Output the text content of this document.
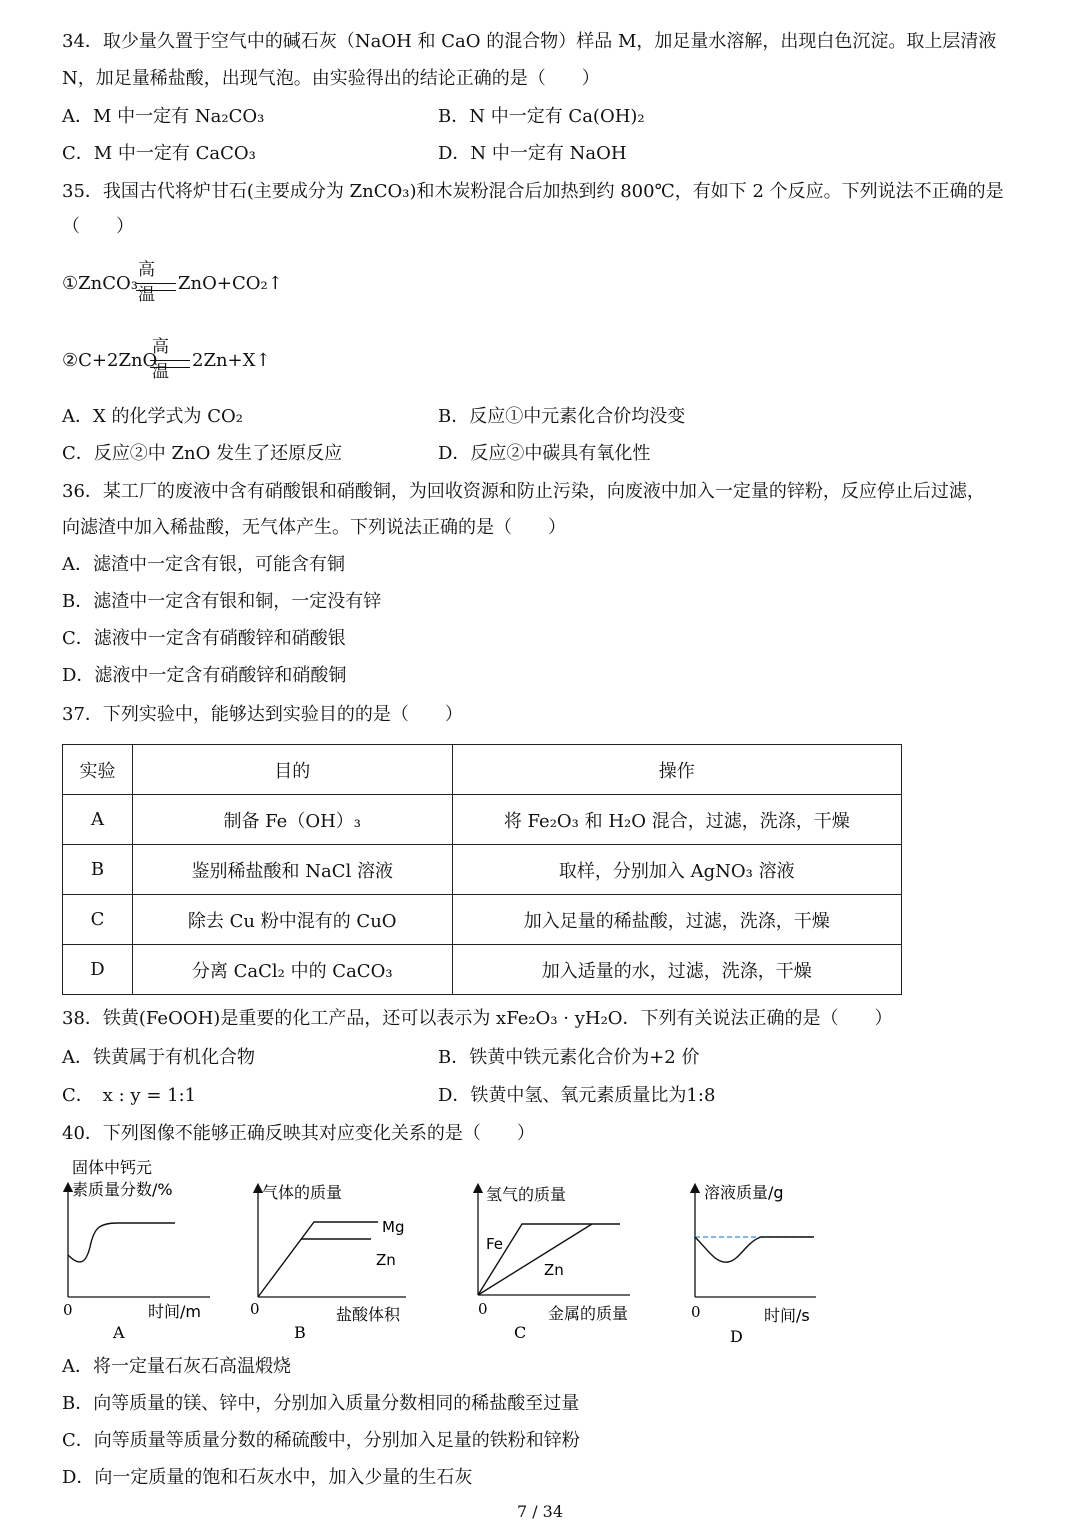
34．取少量久置于空气中的碱石灰（NaOH 和 CaO 的混合物）样品 M，加足量水溶解，出现白色沉淀。取上层清液
N，加足量稀盐酸，出现气泡。由实验得出的结论正确的是（　　）
A．M 中一定有 Na₂CO₃	B．N 中一定有 Ca(OH)₂
C．M 中一定有 CaCO₃	D．N 中一定有 NaOH
35．我国古代将炉甘石(主要成分为 ZnCO₃)和木炭粉混合后加热到约 800℃，有如下 2 个反应。下列说法不正确的是
（　　）
①ZnCO₃
高温
ZnO+CO₂↑
②C+2ZnO
高温
2Zn+X↑
A．X 的化学式为 CO₂	B．反应①中元素化合价均没变
C．反应②中 ZnO 发生了还原反应	D．反应②中碳具有氧化性
36．某工厂的废液中含有硝酸银和硝酸铜，为回收资源和防止污染，向废液中加入一定量的锌粉，反应停止后过滤，
向滤渣中加入稀盐酸，无气体产生。下列说法正确的是（　　）
A．滤渣中一定含有银，可能含有铜
B．滤渣中一定含有银和铜，一定没有锌
C．滤液中一定含有硝酸锌和硝酸银
D．滤液中一定含有硝酸锌和硝酸铜
37．下列实验中，能够达到实验目的的是（　　）
实验	目的	操作
A	制备 Fe（OH）₃	将 Fe₂O₃ 和 H₂O 混合，过滤，洗涤，干燥
B	鉴别稀盐酸和 NaCl 溶液	取样，分别加入 AgNO₃ 溶液
C	除去 Cu 粉中混有的 CuO	加入足量的稀盐酸，过滤，洗涤，干燥
D	分离 CaCl₂ 中的 CaCO₃	加入适量的水，过滤，洗涤，干燥
38．铁黄(FeOOH)是重要的化工产品，还可以表示为 xFe₂O₃ · yH₂O．下列有关说法正确的是（　　）
A．铁黄属于有机化合物	B．铁黄中铁元素化合价为+2 价
C．　x : y = 1:1	D．铁黄中氢、氧元素质量比为1:8
40．下列图像不能够正确反映其对应变化关系的是（　　）
固体中钙元
素质量分数/%
0	时间/m
A
气体的质量
Mg
Zn
0	盐酸体积
B
氢气的质量
Fe
Zn
0	金属的质量
C
溶液质量/g
0	时间/s
D
A．将一定量石灰石高温煅烧
B．向等质量的镁、锌中，分别加入质量分数相同的稀盐酸至过量
C．向等质量等质量分数的稀硫酸中，分别加入足量的铁粉和锌粉
D．向一定质量的饱和石灰水中，加入少量的生石灰
7 / 34
